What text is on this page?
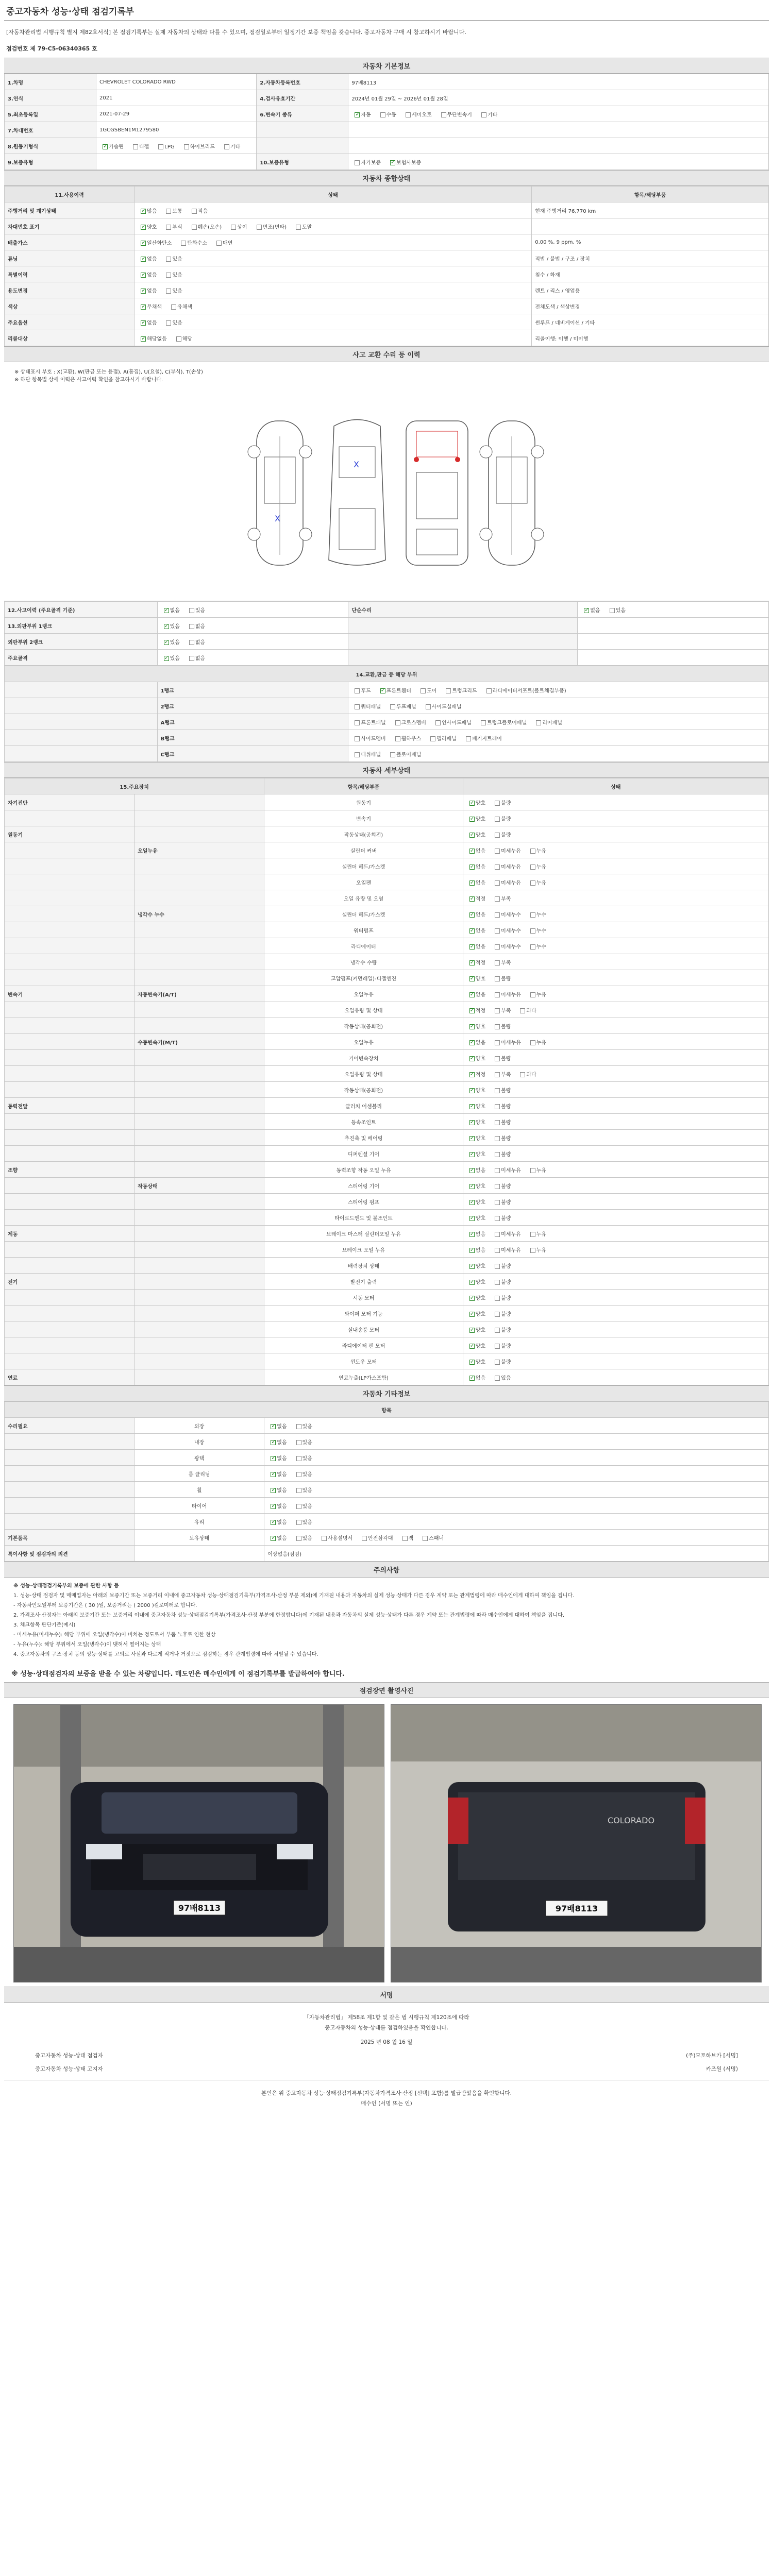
중고자동차 성능·상태 점검기록부
[자동차관리법 시행규칙 별지 제82호서식] 본 점검기록부는 실제 자동차의 상태와 다를 수 있으며, 점검일로부터 일정기간 보증 책임을 갖습니다. 중고자동차 구매 시 참고하시기 바랍니다.
점검번호 제 79-C5-06340365 호
자동차 기본정보
1.차명	CHEVROLET COLORADO RWD	2.자동차등록번호	97배8113
3.연식	2021	4.검사유효기간	2024년 01월 29일 ~ 2026년 01월 28일
5.최초등록일	2021-07-29	6.변속기 종류	✓자동 수동 세미오토 무단변속기 기타
7.차대번호	1GCGSBEN1M1279580		
8.원동기형식	✓가솔린 디젤 LPG 하이브리드 기타		
9.보증유형		10.보증유형	자가보증 ✓ 보험사보증
자동차 종합상태
11.사용이력	상태	항목/해당부품
주행거리 및 계기상태	✓많음 보통 적음	현재 주행거리 76,770 km
차대번호 표기	✓양호 부식 훼손(오손) 상이 변조(변타) 도말	
배출가스	✓일산화탄소 탄화수소 매연	0.00 %, 9 ppm, %
튜닝	✓없음 있음	적법 / 불법 / 구조 / 장치
특별이력	✓없음 있음	침수 / 화재
용도변경	✓없음 있음	렌트 / 리스 / 영업용
색상	✓무채색 유채색	전체도색 / 색상변경
주요옵션	✓없음 있음	썬루프 / 네비게이션 / 기타
리콜대상	✓해당없음 해당	리콜이행: 이행 / 미이행
사고 교환 수리 등 이력
※ 상태표시 부호 : X(교환), W(판금 또는 용접), A(흠집), U(요철), C(부식), T(손상)
※ 하단 항목별 상세 이력은 사고이력 확인을 참고하시기 바랍니다.
X
X
12.사고이력 (주요골격 기준)	✓없음 있음	단순수리	✓없음 있음
13.외판부위 1랭크	✓있음 없음		
외판부위 2랭크	✓있음 없음		
주요골격	✓있음 없음		
14.교환,판금 등 해당 부위		
	1랭크	후드 ✓ 프론트휀더 도어 트렁크리드 라디에이터서포트(볼트체결부품)
	2랭크	쿼터패널 루프패널 사이드실패널
	A랭크	프론트패널 크로스멤버 인사이드패널 트렁크플로어패널 리어패널
	B랭크	사이드멤버 휠하우스 필러패널 패키지트레이
	C랭크	대쉬패널 플로어패널
자동차 세부상태
15.주요장치		항목/해당부품	상태
자기진단		원동기	✓양호 불량
		변속기	✓양호 불량
원동기		작동상태(공회전)	✓양호 불량
	오일누유	실린더 커버	✓없음 미세누유 누유
		실린더 헤드/가스켓	✓없음 미세누유 누유
		오일팬	✓없음 미세누유 누유
		오일 유량 및 오염	✓적정 부족
	냉각수 누수	실린더 헤드/가스켓	✓없음 미세누수 누수
		워터펌프	✓없음 미세누수 누수
		라디에이터	✓없음 미세누수 누수
		냉각수 수량	✓적정 부족
		고압펌프(커먼레일)-디젤엔진	✓양호 불량
변속기	자동변속기(A/T)	오일누유	✓없음 미세누유 누유
		오일유량 및 상태	✓적정 부족 과다
		작동상태(공회전)	✓양호 불량
	수동변속기(M/T)	오일누유	✓없음 미세누유 누유
		기어변속장치	✓양호 불량
		오일유량 및 상태	✓적정 부족 과다
		작동상태(공회전)	✓양호 불량
동력전달		클러치 어셈블리	✓양호 불량
		등속조인트	✓양호 불량
		추진축 및 베어링	✓양호 불량
		디퍼렌셜 기어	✓양호 불량
조향		동력조향 작동 오일 누유	✓없음 미세누유 누유
	작동상태	스티어링 기어	✓양호 불량
		스티어링 펌프	✓양호 불량
		타이로드엔드 및 볼조인트	✓양호 불량
제동		브레이크 마스터 실린더오일 누유	✓없음 미세누유 누유
		브레이크 오일 누유	✓없음 미세누유 누유
		배력장치 상태	✓양호 불량
전기		발전기 출력	✓양호 불량
		시동 모터	✓양호 불량
		와이퍼 모터 기능	✓양호 불량
		실내송풍 모터	✓양호 불량
		라디에이터 팬 모터	✓양호 불량
		윈도우 모터	✓양호 불량
연료		연료누출(LP가스포함)	✓없음 있음
자동차 기타정보
항목		
수리필요	외장	✓없음 있음
	내장	✓없음 있음
	광택	✓없음 있음
	룸 클리닝	✓없음 있음
	휠	✓없음 있음
	타이어	✓없음 있음
	유리	✓없음 있음
기본품목	보유상태	✓없음 있음 사용설명서 안전삼각대 잭 스패너
특이사항 및 점검자의 의견		이상없음(점검)
주의사항

※ 성능·상태점검기록부의 보증에 관한 사항 등

1. 성능·상태 점검자 및 매매업자는 아래의 보증기간 또는 보증거리 이내에 중고자동차 성능·상태점검기록부(가격조사·산정 부분 제외)에 기재된 내용과 자동차의 실제 성능·상태가 다른 경우 계약 또는 관계법령에 따라 매수인에게 대하여 책임을 집니다.

- 자동차인도일부터 보증기간은 ( 30 )일, 보증거리는 ( 2000 )킬로미터로 합니다.

2. 가격조사·산정자는 아래의 보증기간 또는 보증거리 이내에 중고자동차 성능·상태점검기록부(가격조사·산정 부분에 한정합니다)에 기재된 내용과 자동차의 실제 성능·상태가 다른 경우 계약 또는 관계법령에 따라 매수인에게 대하여 책임을 집니다.

3. 체크항목 판단기준(예시)

- 미세누유(미세누수): 해당 부위에 오일(냉각수)이 비치는 정도로서 부품 노후로 인한 현상

- 누유(누수): 해당 부위에서 오일(냉각수)이 맺혀서 떨어지는 상태

4. 중고자동차의 구조·장치 등의 성능·상태를 고의로 사실과 다르게 적거나 거짓으로 점검하는 경우 관계법령에 따라 처벌될 수 있습니다.

※ 성능·상태점검자의 보증을 받을 수 있는 차량입니다. 매도인은 매수인에게 이 점검기록부를 발급하여야 합니다.
점검장면 촬영사진
97배8113
COLORADO
97배8113
서명
「자동차관리법」 제58조 제1항 및 같은 법 시행규칙 제120조에 따라
중고자동차의 성능·상태를 점검하였음을 확인합니다.
2025 년 08 월 16 일
중고자동차 성능·상태 점검자	(주)모토하브카 [서명]
중고자동차 성능·상태 고지자	카즈원 (서명)
본인은 위 중고자동차 성능·상태점검기록부(자동차가격조사·산정 [선택] 포함)를 발급받았음을 확인합니다.
매수인 (서명 또는 인)
